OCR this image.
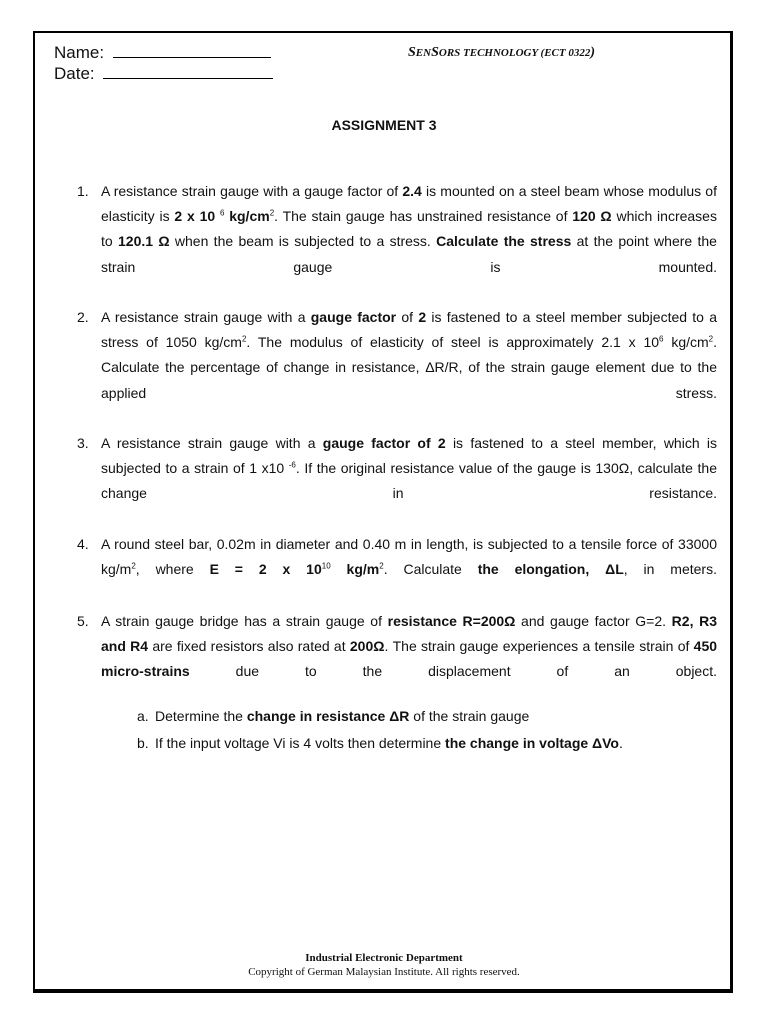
Name:
Date:
SENSORS TECHNOLOGY (ECT 0322)
ASSIGNMENT 3
1. A resistance strain gauge with a gauge factor of 2.4 is mounted on a steel beam whose modulus of elasticity is 2 x 10 $^6$ $kg/cm^2$. The stain gauge has unstrained resistance of 120 Ω which increases to 120.1 Ω when the beam is subjected to a stress. Calculate the stress at the point where the strain gauge is mounted.
2. A resistance strain gauge with a gauge factor of 2 is fastened to a steel member subjected to a stress of 1050 $kg/cm^2$. The modulus of elasticity of steel is approximately 2.1 x $10^6$ $kg/cm^2$. Calculate the percentage of change in resistance, ΔR/R, of the strain gauge element due to the applied stress.
3. A resistance strain gauge with a gauge factor of 2 is fastened to a steel member, which is subjected to a strain of 1 x10 $^{-6}$. If the original resistance value of the gauge is 130Ω, calculate the change in resistance.
4. A round steel bar, 0.02m in diameter and 0.40 m in length, is subjected to a tensile force of 33000 $kg/m^2$, where E = 2 x $10^{10}$ $kg/m^2$. Calculate the elongation, ΔL, in meters.
5. A strain gauge bridge has a strain gauge of resistance R=200Ω and gauge factor G=2. R2, R3 and R4 are fixed resistors also rated at 200Ω. The strain gauge experiences a tensile strain of 450 micro-strains due to the displacement of an object.
a. Determine the change in resistance ΔR of the strain gauge
b. If the input voltage Vi is 4 volts then determine the change in voltage ΔVo.
Industrial Electronic Department
Copyright of German Malaysian Institute. All rights reserved.
